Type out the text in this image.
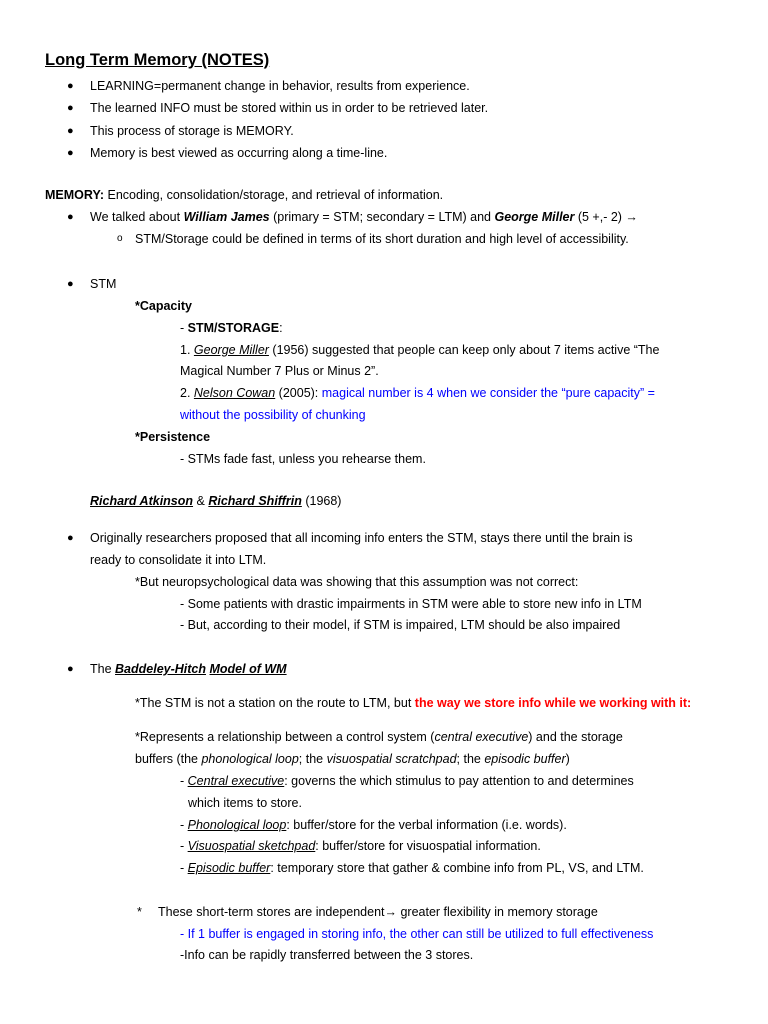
Long Term Memory (NOTES)
● LEARNING=permanent change in behavior, results from experience.
● The learned INFO must be stored within us in order to be retrieved later.
● This process of storage is MEMORY.
● Memory is best viewed as occurring along a time-line.
MEMORY: Encoding, consolidation/storage, and retrieval of information.
● We talked about William James (primary = STM; secondary = LTM) and George Miller (5 +,- 2) →
o STM/Storage could be defined in terms of its short duration and high level of accessibility.
● STM
*Capacity
- STM/STORAGE:
1. George Miller (1956) suggested that people can keep only about 7 items active “The
Magical Number 7 Plus or Minus 2”.
2. Nelson Cowan (2005): magical number is 4 when we consider the “pure capacity” =
without the possibility of chunking
*Persistence
- STMs fade fast, unless you rehearse them.
Richard Atkinson & Richard Shiffrin (1968)
● Originally researchers proposed that all incoming info enters the STM, stays there until the brain is
ready to consolidate it into LTM.
*But neuropsychological data was showing that this assumption was not correct:
- Some patients with drastic impairments in STM were able to store new info in LTM
- But, according to their model, if STM is impaired, LTM should be also impaired
● The Baddeley-Hitch Model of WM
*The STM is not a station on the route to LTM, but the way we store info while we working with it:
*Represents a relationship between a control system (central executive) and the storage
buffers (the phonological loop; the visuospatial scratchpad; the episodic buffer)
- Central executive: governs the which stimulus to pay attention to and determines
which items to store.
- Phonological loop: buffer/store for the verbal information (i.e. words).
- Visuospatial sketchpad: buffer/store for visuospatial information.
- Episodic buffer: temporary store that gather & combine info from PL, VS, and LTM.
* These short-term stores are independent→ greater flexibility in memory storage
- If 1 buffer is engaged in storing info, the other can still be utilized to full effectiveness
-Info can be rapidly transferred between the 3 stores.
